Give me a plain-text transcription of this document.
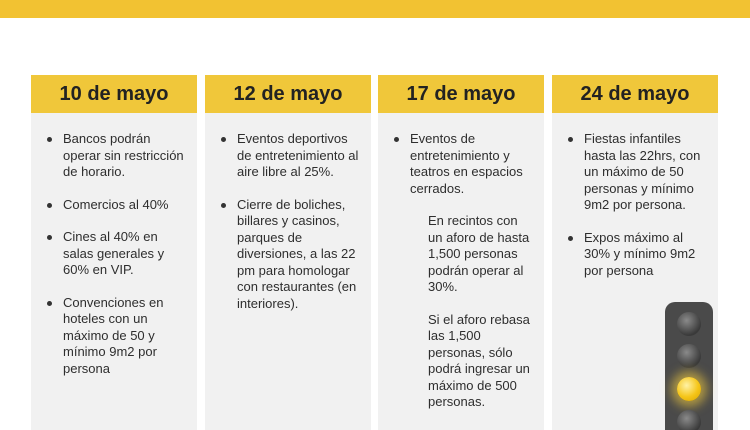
10 de mayo
Bancos podrán operar sin restricción de horario.
Comercios al 40%
Cines al 40% en salas generales y 60% en VIP.
Convenciones en hoteles con un máximo de 50 y mínimo 9m2 por persona
12 de mayo
Eventos deportivos de entretenimiento al aire libre al 25%.
Cierre de boliches, billares y casinos, parques de diversiones, a las 22 pm para homologar con restaurantes (en interiores).
17 de mayo
Eventos de entretenimiento y teatros en espacios cerrados.
En recintos con un aforo de hasta 1,500 personas podrán operar al 30%.
Si el aforo rebasa las 1,500 personas, sólo podrá ingresar un máximo de 500 personas.
24 de mayo
Fiestas infantiles hasta las 22hrs, con un máximo de 50 personas y mínimo 9m2 por persona.
Expos máximo al 30% y mínimo 9m2 por persona
